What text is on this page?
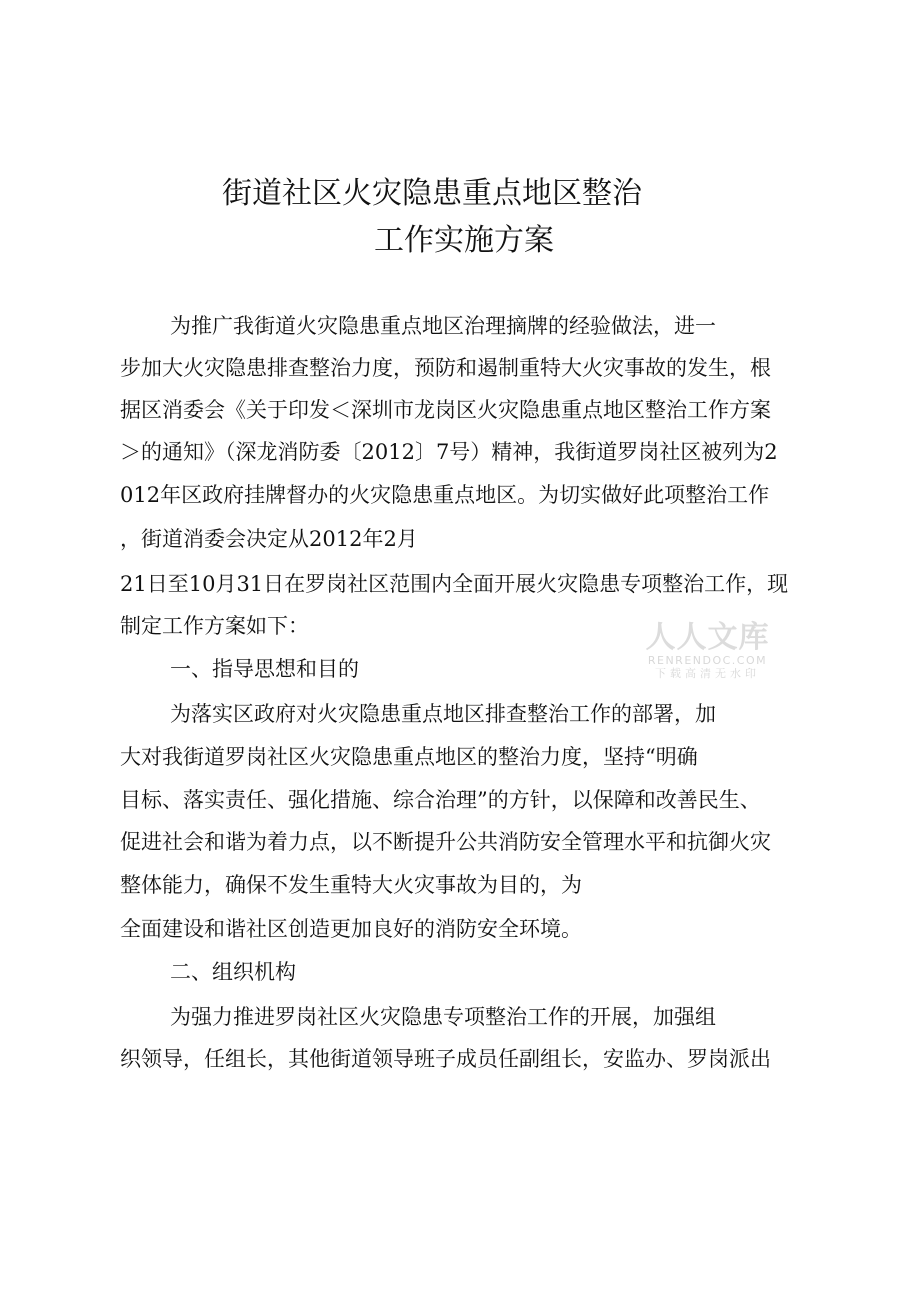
街道社区火灾隐患重点地区整治
工作实施方案
为推广我街道火灾隐患重点地区治理摘牌的经验做法，进一
步加大火灾隐患排查整治力度，预防和遏制重特大火灾事故的发生，根
据区消委会《关于印发＜深圳市龙岗区火灾隐患重点地区整治工作方案
＞的通知》（深龙消防委〔2012〕7号）精神，我街道罗岗社区被列为2
012年区政府挂牌督办的火灾隐患重点地区。为切实做好此项整治工作
，街道消委会决定从2012年2月
21日至10月31日在罗岗社区范围内全面开展火灾隐患专项整治工作，现
制定工作方案如下：
一、指导思想和目的
为落实区政府对火灾隐患重点地区排查整治工作的部署，加
大对我街道罗岗社区火灾隐患重点地区的整治力度，坚持“明确
目标、落实责任、强化措施、综合治理”的方针，以保障和改善民生、
促进社会和谐为着力点，以不断提升公共消防安全管理水平和抗御火灾
整体能力，确保不发生重特大火灾事故为目的，为
全面建设和谐社区创造更加良好的消防安全环境。
二、组织机构
为强力推进罗岗社区火灾隐患专项整治工作的开展，加强组
织领导，任组长，其他街道领导班子成员任副组长，安监办、罗岗派出
人人文库
RENRENDOC.COM
下载高清无水印
